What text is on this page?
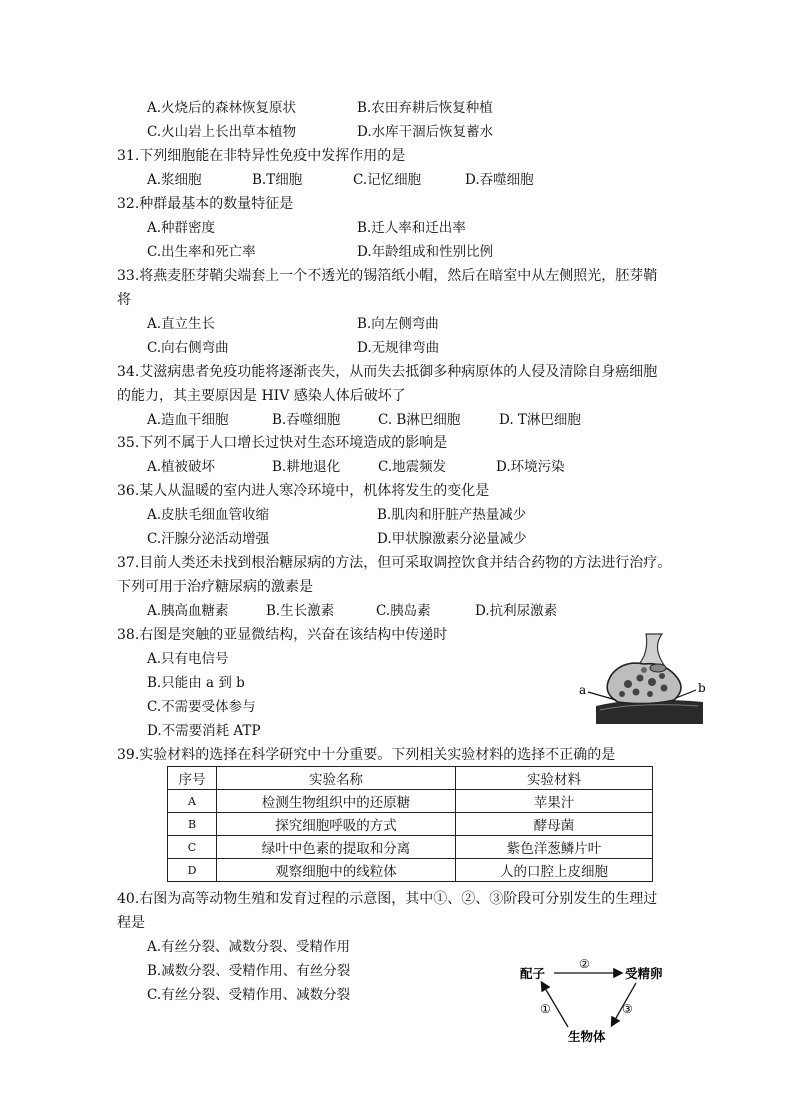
A.火烧后的森林恢复原状	B.农田弃耕后恢复种植
C.火山岩上长出草本植物	D.水库干涸后恢复蓄水
31.下列细胞能在非特异性免疫中发挥作用的是
A.浆细胞	B.T细胞	C.记忆细胞	D.吞噬细胞
32.种群最基本的数量特征是
A.种群密度	B.迁人率和迁出率
C.出生率和死亡率	D.年龄组成和性别比例
33.将燕麦胚芽鞘尖端套上一个不透光的锡箔纸小帽，然后在暗室中从左侧照光，胚芽鞘
将
A.直立生长	B.向左侧弯曲
C.向右侧弯曲	D.无规律弯曲
34.艾滋病患者免疫功能将逐渐丧失，从而失去抵御多种病原体的人侵及清除自身癌细胞
的能力，其主要原因是 HIV 感染人体后破坏了
A.造血干细胞	B.吞噬细胞	C. B淋巴细胞	D. T淋巴细胞
35.下列不属于人口增长过快对生态环境造成的影响是
A.植被破坏	B.耕地退化	C.地震频发	D.环境污染
36.某人从温暖的室内进人寒冷环境中，机体将发生的变化是
A.皮肤毛细血管收缩	B.肌肉和肝脏产热量减少
C.汗腺分泌活动增强	D.甲状腺激素分泌量减少
37.目前人类还未找到根治糖尿病的方法，但可采取调控饮食并结合药物的方法进行治疗。
下列可用于治疗糖尿病的激素是
A.胰高血糖素	B.生长激素	C.胰岛素	D.抗利尿激素
38.右图是突触的亚显微结构，兴奋在该结构中传递时
A.只有电信号
B.只能由 a 到 b
C.不需要受体参与
D.不需要消耗 ATP
a	b
39.实验材料的选择在科学研究中十分重要。下列相关实验材料的选择不正确的是
序号	实验名称	实验材料
A	检测生物组织中的还原糖	苹果汁
B	探究细胞呼吸的方式	酵母菌
C	绿叶中色素的提取和分离	紫色洋葱鳞片叶
D	观察细胞中的线粒体	人的口腔上皮细胞
40.右图为高等动物生殖和发育过程的示意图，其中①、②、③阶段可分别发生的生理过
程是
A.有丝分裂、减数分裂、受精作用
B.减数分裂、受精作用、有丝分裂
C.有丝分裂、受精作用、减数分裂
配子	受精卵
生物体
②
①	③
